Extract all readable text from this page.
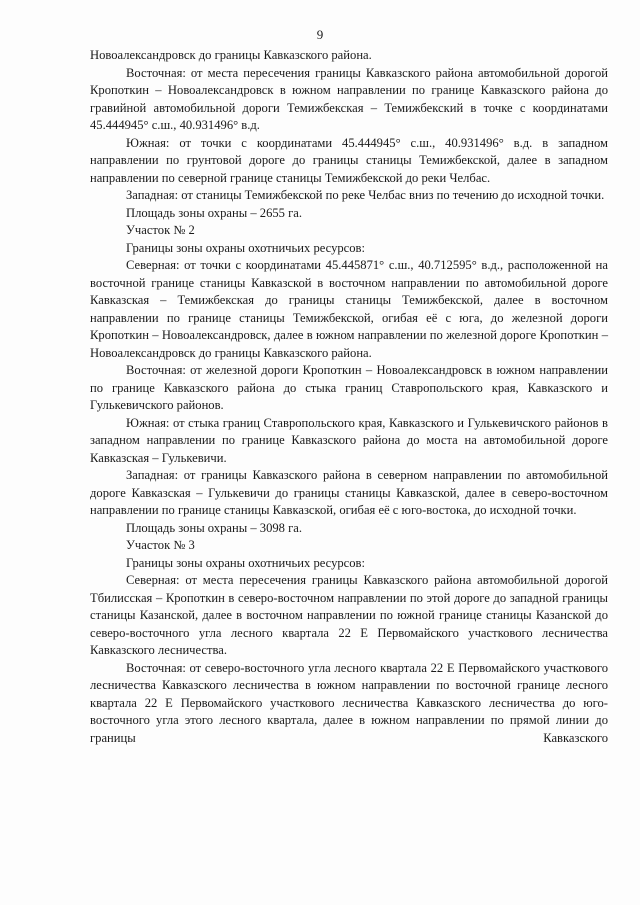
9

Новоалександровск до границы Кавказского района.

Восточная: от места пересечения границы Кавказского района автомобильной дорогой Кропоткин – Новоалександровск в южном направлении по границе Кавказского района до гравийной автомобильной дороги Темижбекская – Темижбекский в точке с координатами 45.444945° с.ш., 40.931496° в.д.

Южная: от точки с координатами 45.444945° с.ш., 40.931496° в.д. в западном направлении по грунтовой дороге до границы станицы Темижбекской, далее в западном направлении по северной границе станицы Темижбекской до реки Челбас.

Западная: от станицы Темижбекской по реке Челбас вниз по течению до исходной точки.

Площадь зоны охраны – 2655 га.

Участок № 2

Границы зоны охраны охотничьих ресурсов:

Северная: от точки с координатами 45.445871° с.ш., 40.712595° в.д., расположенной на восточной границе станицы Кавказской в восточном направлении по автомобильной дороге Кавказская – Темижбекская до границы станицы Темижбекской, далее в восточном направлении по границе станицы Темижбекской, огибая её с юга, до железной дороги Кропоткин – Новоалександровск, далее в южном направлении по железной дороге Кропоткин – Новоалександровск до границы Кавказского района.

Восточная: от железной дороги Кропоткин – Новоалександровск в южном направлении по границе Кавказского района до стыка границ Ставропольского края, Кавказского и Гулькевичского районов.

Южная: от стыка границ Ставропольского края, Кавказского и Гулькевичского районов в западном направлении по границе Кавказского района до моста на автомобильной дороге Кавказская – Гулькевичи.

Западная: от границы Кавказского района в северном направлении по автомобильной дороге Кавказская – Гулькевичи до границы станицы Кавказской, далее в северо-восточном направлении по границе станицы Кавказской, огибая её с юго-востока, до исходной точки.

Площадь зоны охраны – 3098 га.

Участок № 3

Границы зоны охраны охотничьих ресурсов:

Северная: от места пересечения границы Кавказского района автомобильной дорогой Тбилисская – Кропоткин в северо-восточном направлении по этой дороге до западной границы станицы Казанской, далее в восточном направлении по южной границе станицы Казанской до северо-восточного угла лесного квартала 22 Е Первомайского участкового лесничества Кавказского лесничества.

Восточная: от северо-восточного угла лесного квартала 22 Е Первомайского участкового лесничества Кавказского лесничества в южном направлении по восточной границе лесного квартала 22 Е Первомайского участкового лесничества Кавказского лесничества до юго-восточного угла этого лесного квартала, далее в южном направлении по прямой линии до границы Кавказского
